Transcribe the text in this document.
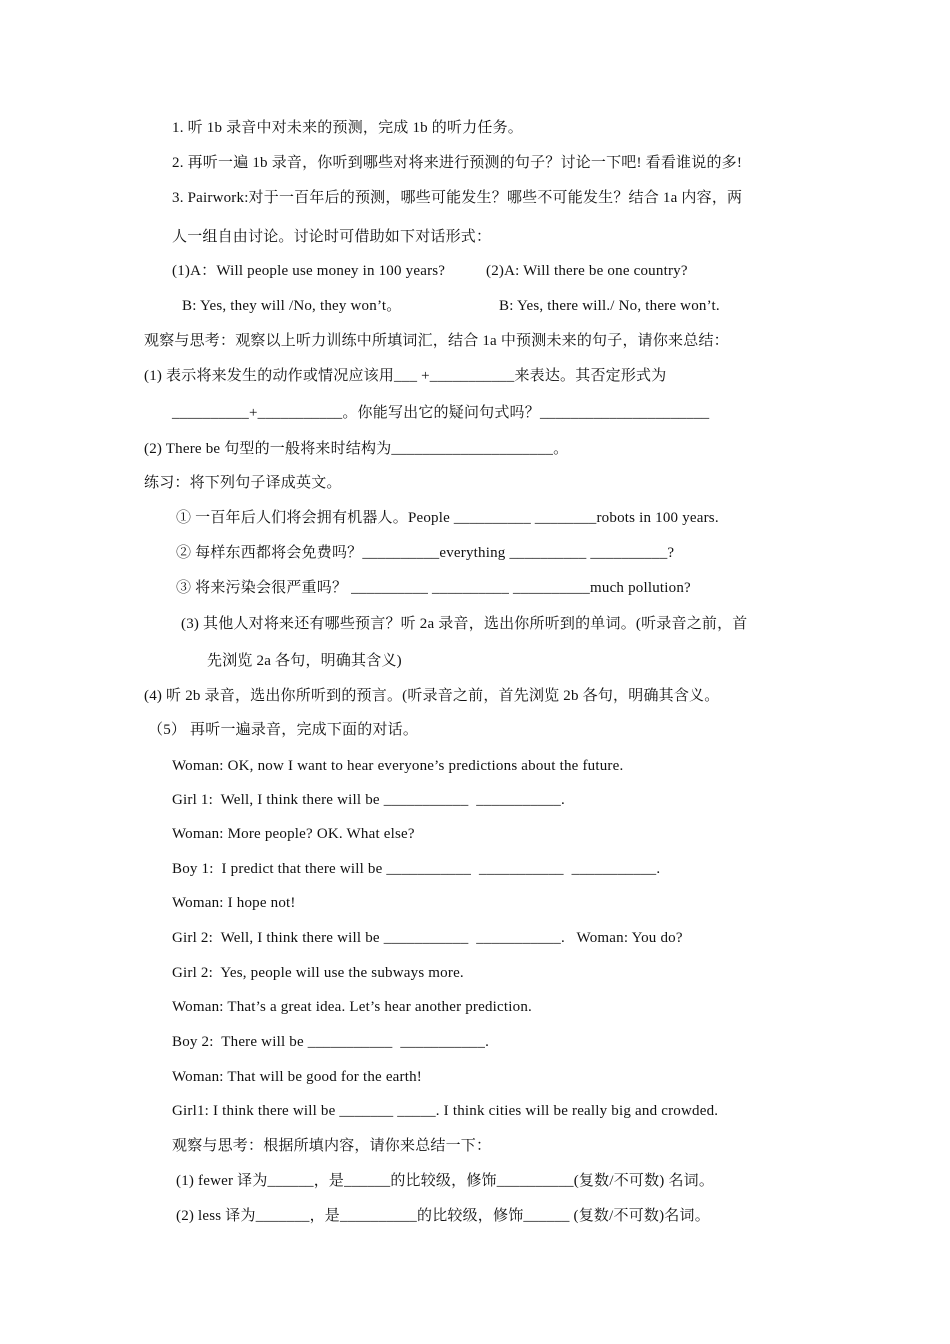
1. 听 1b 录音中对未来的预测，完成 1b 的听力任务。
2. 再听一遍 1b 录音，你听到哪些对将来进行预测的句子？讨论一下吧! 看看谁说的多!
3. Pairwork:对于一百年后的预测，哪些可能发生？哪些不可能发生？结合 1a 内容，两
人一组自由讨论。讨论时可借助如下对话形式：
(1)A：Will people use money in 100 years?	(2)A: Will there be one country?
B: Yes, they will /No, they won’t。	B: Yes, there will./ No, there won’t.
观察与思考：观察以上听力训练中所填词汇，结合 1a 中预测未来的句子，请你来总结：
(1) 表示将来发生的动作或情况应该用___ +___________来表达。其否定形式为
__________+___________。你能写出它的疑问句式吗？______________________
(2) There be 句型的一般将来时结构为_____________________。
练习：将下列句子译成英文。
① 一百年后人们将会拥有机器人。People __________ ________robots in 100 years.
② 每样东西都将会免费吗？__________everything __________ __________?
③ 将来污染会很严重吗？ __________ __________ __________much pollution?
(3) 其他人对将来还有哪些预言？听 2a 录音，选出你所听到的单词。(听录音之前，首
先浏览 2a 各句，明确其含义)
(4) 听 2b 录音，选出你所听到的预言。(听录音之前，首先浏览 2b 各句，明确其含义。
（5） 再听一遍录音，完成下面的对话。
Woman: OK, now I want to hear everyone’s predictions about the future.
Girl 1:  Well, I think there will be ___________  ___________.
Woman: More people? OK. What else?
Boy 1:  I predict that there will be ___________  ___________  ___________.
Woman: I hope not!
Girl 2:  Well, I think there will be ___________  ___________.   Woman: You do?
Girl 2:  Yes, people will use the subways more.
Woman: That’s a great idea. Let’s hear another prediction.
Boy 2:  There will be ___________  ___________.
Woman: That will be good for the earth!
Girl1: I think there will be _______ _____. I think cities will be really big and crowded.
观察与思考：根据所填内容，请你来总结一下：
(1) fewer 译为______，是______的比较级，修饰__________(复数/不可数) 名词。
(2) less 译为_______，是__________的比较级，修饰______ (复数/不可数)名词。
